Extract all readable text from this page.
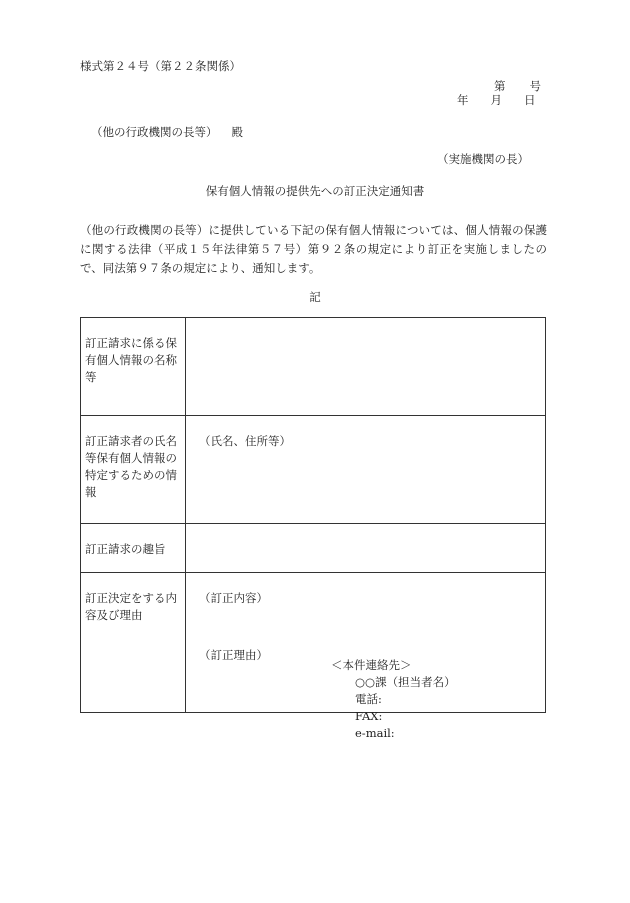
様式第２４号（第２２条関係）
第 号
年 月 日
（他の行政機関の長等） 殿
（実施機関の長）
保有個人情報の提供先への訂正決定通知書
（他の行政機関の長等）に提供している下記の保有個人情報については、個人情報の保護に関する法律（平成１５年法律第５７号）第９２条の規定により訂正を実施しましたので、同法第９７条の規定により、通知します。
記
訂正請求に係る保有個人情報の名称等	
訂正請求者の氏名等保有個人情報の特定するための情報	（氏名、住所等）
訂正請求の趣旨	
訂正決定をする内容及び理由	（訂正内容）
（訂正理由）
＜本件連絡先＞
○○課（担当者名）
電話:
FAX:
e-mail:
